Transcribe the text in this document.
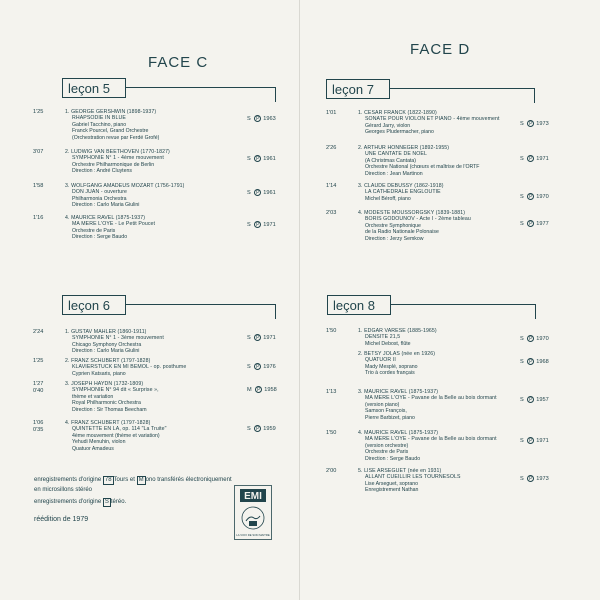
FACE C
FACE D
leçon 5
1'25	1. GEORGE GERSHWIN (1898-1937)
RHAPSODIE IN BLUE
Gabriel Tacchino, piano
Franck Pourcel, Grand Orchestre
(Orchestration revue par Ferdé Grofé)
S P 1963
3'07	2. LUDWIG VAN BEETHOVEN (1770-1827)
SYMPHONIE N° 1 - 4ème mouvement
Orchestre Philharmonique de Berlin
Direction : André Cluytens
S P 1961
1'58	3. WOLFGANG AMADEUS MOZART (1756-1791)
DON JUAN - ouverture
Philharmonia Orchestra
Direction : Carlo Maria Giulini
S P 1961
1'16	4. MAURICE RAVEL (1875-1937)
MA MERE L'OYE - Le Petit Poucet
Orchestre de Paris
Direction : Serge Baudo
S P 1971
leçon 6
2'24	1. GUSTAV MAHLER (1860-1911)
SYMPHONIE N° 1 - 3ème mouvement
Chicago Symphony Orchestra
Direction : Carlo Maria Giulini
S P 1971
1'25	2. FRANZ SCHUBERT (1797-1828)
KLAVIERSTUCK EN MI BEMOL - op. posthume
Cyprien Katsaris, piano
S P 1976
1'27
0'40
3. JOSEPH HAYDN (1732-1809)
SYMPHONIE N° 94 dit « Surprise »,
thème et variation
Royal Philharmonic Orchestra
Direction : Sir Thomas Beecham
M P 1958
1'06
0'35
4. FRANZ SCHUBERT (1797-1828)
QUINTETTE EN LA, op. 114 "La Truite"
4ème mouvement (thème et variation)
Yehudi Menuhin, violon
Quatuor Amadeus
S P 1959
leçon 7
1'01	1. CESAR FRANCK (1822-1890)
SONATE POUR VIOLON ET PIANO - 4ème mouvement
Gérard Jarry, violon
Georges Pludermacher, piano
S P 1973
2'26	2. ARTHUR HONNEGER (1892-1955)
UNE CANTATE DE NOEL
(A Christmas Cantata)
Orchestre National (chœurs et maîtrise de l'ORTF
Direction : Jean Martinon
S P 1971
1'14	3. CLAUDE DEBUSSY (1862-1918)
LA CATHEDRALE ENGLOUTIE
Michel Béroff, piano	S P 1970
2'03	4. MODESTE MOUSSORGSKY (1839-1881)
BORIS GODOUNOV - Acte I - 2ème tableau
Orchestre Symphonique
de la Radio Nationale Polonaise
Direction : Jerzy Semkow
S P 1977
leçon 8
1'50	1. EDGAR VARESE (1885-1965)
DENSITE 21,5
Michel Debost, flûte
S P 1970
2. BETSY JOLAS (née en 1926)
QUATUOR II
Mady Mesplé, soprano
Trio à cordes français
S P 1968
1'13	3. MAURICE RAVEL (1875-1937)
MA MERE L'OYE - Pavane de la Belle au bois dormant
(version piano)
Samson François,
Pierre Barbizet, piano
S P 1957
1'50	4. MAURICE RAVEL (1875-1937)
MA MERE L'OYE - Pavane de la Belle au bois dormant
(version orchestre)
Orchestre de Paris
Direction : Serge Baudo
S P 1971
2'00	5. LISE ARSEGUET (née en 1931)
ALLANT CUEILLIR LES TOURNESOLS
Lise Arseguet, soprano
Enregistrement Nathan
S P 1973
enregistrements d'origine 78 Tours et M ono transférés électroniquement
en microsillons stéréo
enregistrements d'origine S téréo.
réédition de 1979
EMI
LA VOIX DE SON MAITRE
